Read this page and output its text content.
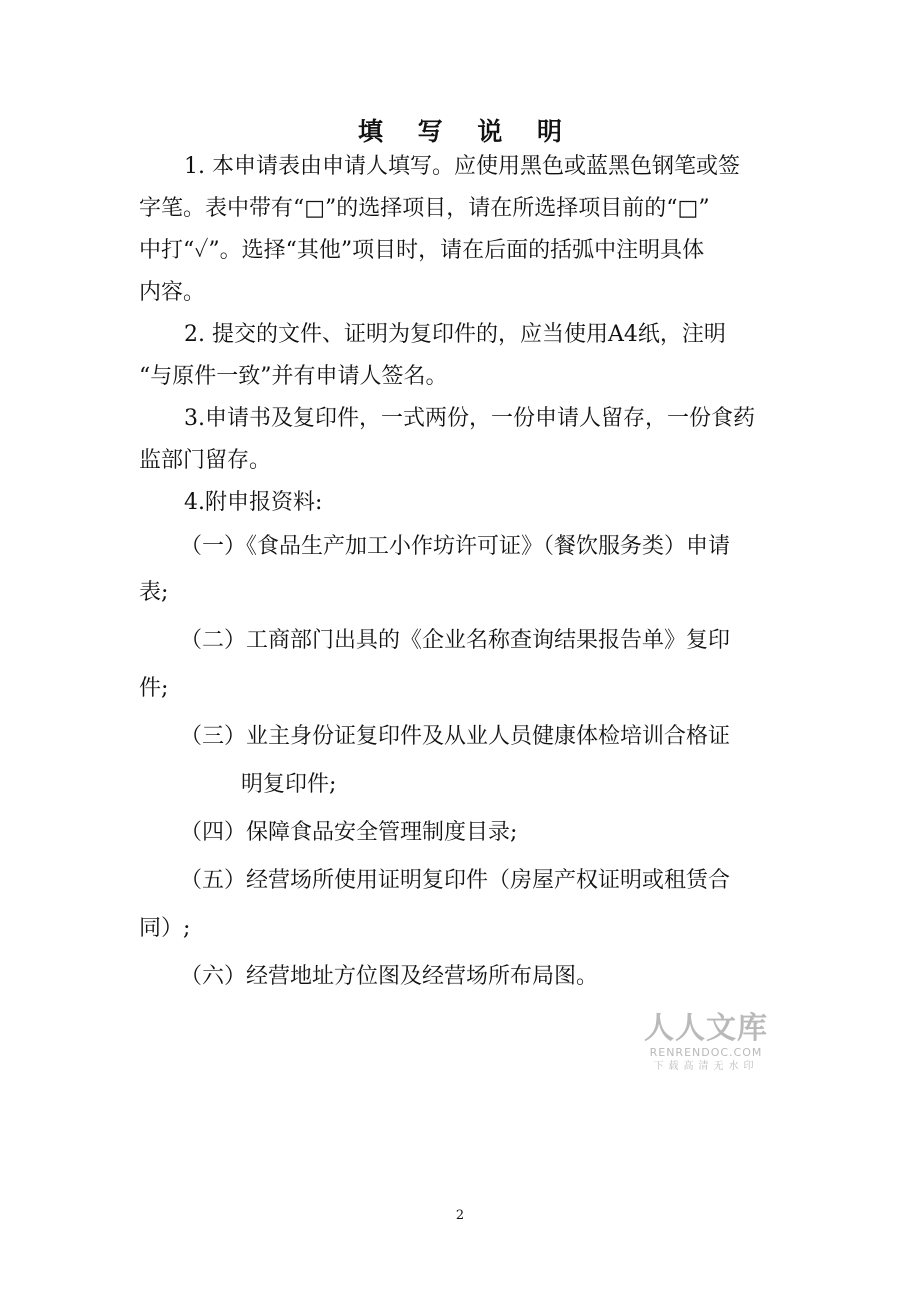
填 写 说 明
1. 本申请表由申请人填写。应使用黑色或蓝黑色钢笔或签
字笔。表中带有“□”的选择项目，请在所选择项目前的“□”
中打“✓”。选择“其他”项目时，请在后面的括弧中注明具体
内容。
2. 提交的文件、证明为复印件的，应当使用A4纸，注明
“与原件一致”并有申请人签名。
3.申请书及复印件，一式两份，一份申请人留存，一份食药
监部门留存。
4.附申报资料:
（一）《食品生产加工小作坊许可证》（餐饮服务类）申请
表;
（二）工商部门出具的《企业名称查询结果报告单》复印
件;
（三）业主身份证复印件及从业人员健康体检培训合格证
明复印件;
（四）保障食品安全管理制度目录;
（五）经营场所使用证明复印件（房屋产权证明或租赁合
同）;
（六）经营地址方位图及经营场所布局图。
人人文库
RENRENDOC.COM
下载高清无水印
2
